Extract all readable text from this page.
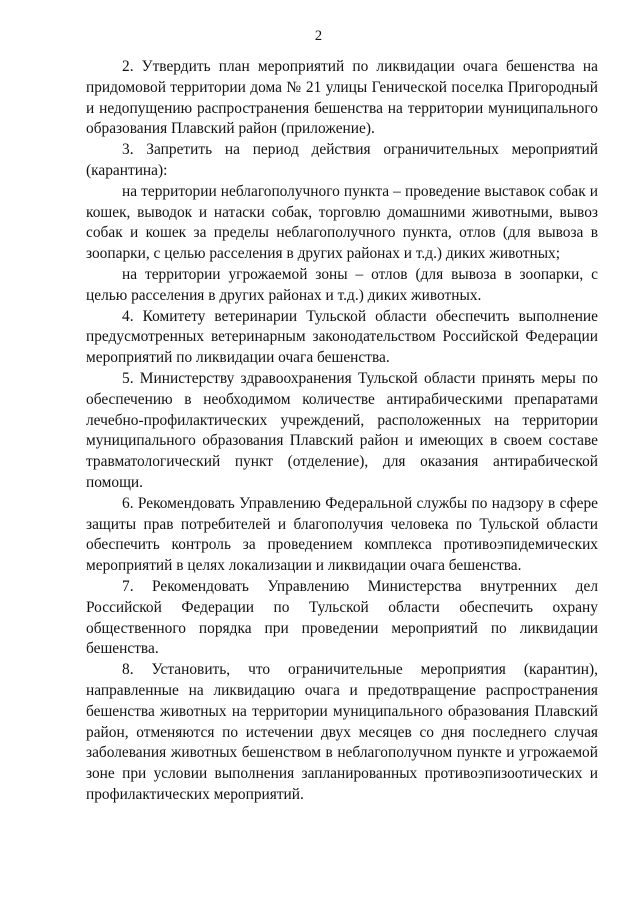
2

2. Утвердить план мероприятий по ликвидации очага бешенства на придомовой территории дома № 21 улицы Генической поселка Пригородный и недопущению распространения бешенства на территории муниципального образования Плавский район (приложение).

3. Запретить на период действия ограничительных мероприятий (карантина):

на территории неблагополучного пункта – проведение выставок собак и кошек, выводок и натаски собак, торговлю домашними животными, вывоз собак и кошек за пределы неблагополучного пункта, отлов (для вывоза в зоопарки, с целью расселения в других районах и т.д.) диких животных;

на территории угрожаемой зоны – отлов (для вывоза в зоопарки, с целью расселения в других районах и т.д.) диких животных.

4. Комитету ветеринарии Тульской области обеспечить выполнение предусмотренных ветеринарным законодательством Российской Федерации мероприятий по ликвидации очага бешенства.

5. Министерству здравоохранения Тульской области принять меры по обеспечению в необходимом количестве антирабическими препаратами лечебно-профилактических учреждений, расположенных на территории муниципального образования Плавский район и имеющих в своем составе травматологический пункт (отделение), для оказания антирабической помощи.

6. Рекомендовать Управлению Федеральной службы по надзору в сфере защиты прав потребителей и благополучия человека по Тульской области обеспечить контроль за проведением комплекса противоэпидемических мероприятий в целях локализации и ликвидации очага бешенства.

7. Рекомендовать Управлению Министерства внутренних дел Российской Федерации по Тульской области обеспечить охрану общественного порядка при проведении мероприятий по ликвидации бешенства.

8. Установить, что ограничительные мероприятия (карантин), направленные на ликвидацию очага и предотвращение распространения бешенства животных на территории муниципального образования Плавский район, отменяются по истечении двух месяцев со дня последнего случая заболевания животных бешенством в неблагополучном пункте и угрожаемой зоне при условии выполнения запланированных противоэпизоотических и профилактических мероприятий.
